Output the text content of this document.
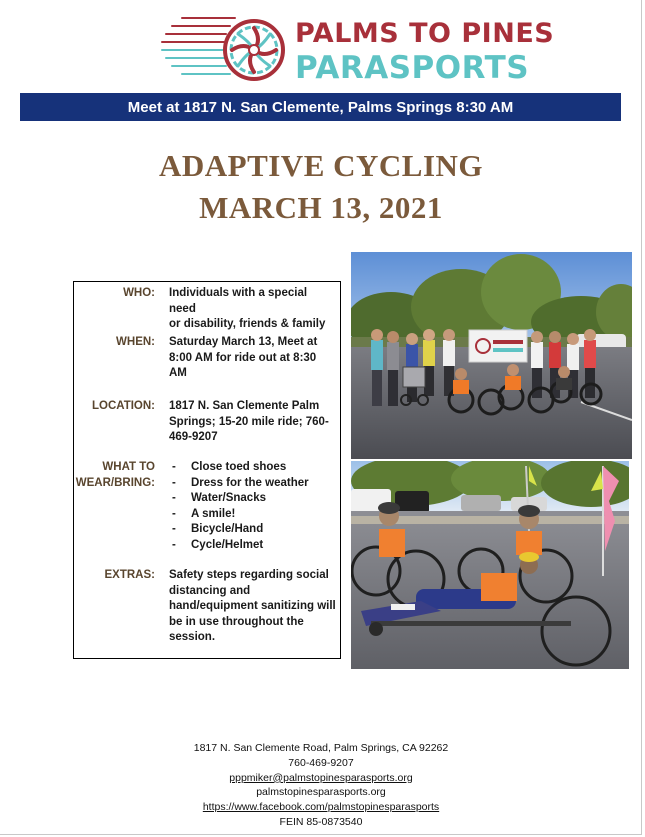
PALMS TO PINES
PARASPORTS
Meet at 1817 N. San Clemente, Palms Springs 8:30 AM
ADAPTIVE CYCLING
MARCH 13, 2021
WHO: Individuals with a special need
or disability, friends & family
WHEN: Saturday March 13, Meet at
8:00 AM for ride out at 8:30
AM
LOCATION: 1817 N. San Clemente Palm
Springs; 15-20 mile ride; 760-
469-9207
WHAT TO
WEAR/BRING:
- Close toed shoes
- Dress for the weather
- Water/Snacks
- A smile!
- Bicycle/Hand
- Cycle/Helmet
EXTRAS: Safety steps regarding social
distancing and
hand/equipment sanitizing will
be in use throughout the
session.
1817 N. San Clemente Road, Palm Springs, CA 92262
760-469-9207
pppmiker@palmstopinesparasports.org
palmstopinesparasports.org
https://www.facebook.com/palmstopinesparasports
FEIN 85-0873540
